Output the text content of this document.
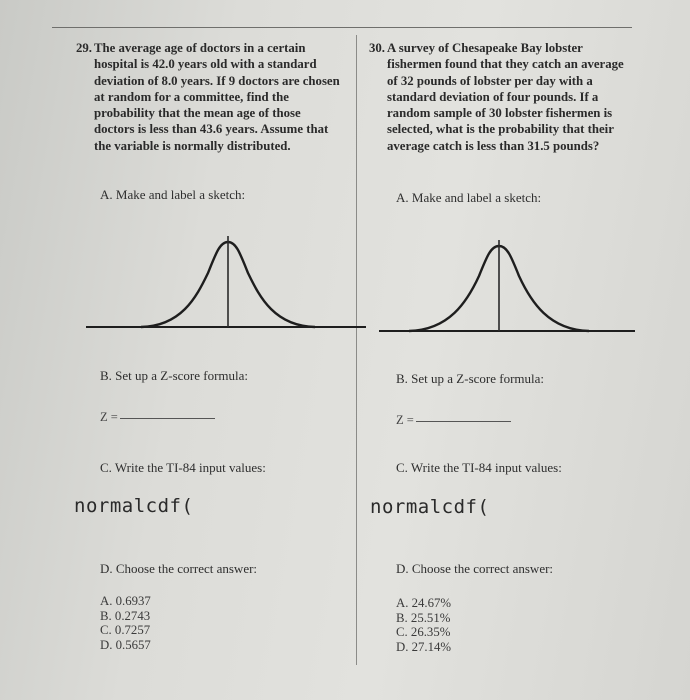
29. The average age of doctors in a certain hospital is 42.0 years old with a standard deviation of 8.0 years. If 9 doctors are chosen at random for a committee, find the probability that the mean age of those doctors is less than 43.6 years. Assume that the variable is normally distributed.
A. Make and label a sketch:
B. Set up a Z-score formula:
Z =
C. Write the TI-84 input values:
normalcdf(
D. Choose the correct answer:
A. 0.6937
B. 0.2743
C. 0.7257
D. 0.5657
30. A survey of Chesapeake Bay lobster fishermen found that they catch an average of 32 pounds of lobster per day with a standard deviation of four pounds. If a random sample of 30 lobster fishermen is selected, what is the probability that their average catch is less than 31.5 pounds?
A. Make and label a sketch:
B. Set up a Z-score formula:
Z =
C. Write the TI-84 input values:
normalcdf(
D. Choose the correct answer:
A. 24.67%
B. 25.51%
C. 26.35%
D. 27.14%
